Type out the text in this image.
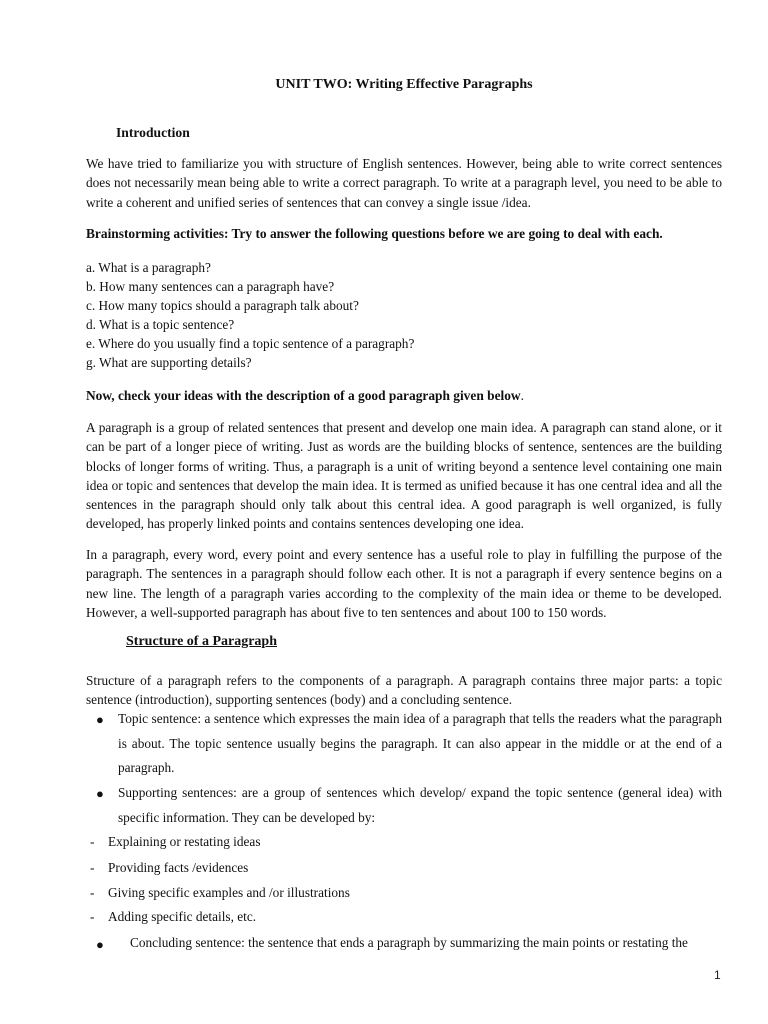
UNIT TWO: Writing Effective Paragraphs
Introduction

We have tried to familiarize you with structure of English sentences. However, being able to write correct sentences does not necessarily mean being able to write a correct paragraph. To write at a paragraph level, you need to be able to write a coherent and unified series of sentences that can convey a single issue /idea.

Brainstorming activities: Try to answer the following questions before we are going to deal with each.
a. What is a paragraph?
b. How many sentences can a paragraph have?
c. How many topics should a paragraph talk about?
d. What is a topic sentence?
e. Where do you usually find a topic sentence of a paragraph?
g. What are supporting details?
Now, check your ideas with the description of a good paragraph given below.

A paragraph is a group of related sentences that present and develop one main idea. A paragraph can stand alone, or it can be part of a longer piece of writing. Just as words are the building blocks of sentence, sentences are the building blocks of longer forms of writing. Thus, a paragraph is a unit of writing beyond a sentence level containing one main idea or topic and sentences that develop the main idea. It is termed as unified because it has one central idea and all the sentences in the paragraph should only talk about this central idea. A good paragraph is well organized, is fully developed, has properly linked points and contains sentences developing one idea.

In a paragraph, every word, every point and every sentence has a useful role to play in fulfilling the purpose of the paragraph. The sentences in a paragraph should follow each other. It is not a paragraph if every sentence begins on a new line. The length of a paragraph varies according to the complexity of the main idea or theme to be developed. However, a well-supported paragraph has about five to ten sentences and about 100 to 150 words.

Structure of a Paragraph

Structure of a paragraph refers to the components of a paragraph. A paragraph contains three major parts: a topic sentence (introduction), supporting sentences (body) and a concluding sentence.

● Topic sentence: a sentence which expresses the main idea of a paragraph that tells the readers what the paragraph is about. The topic sentence usually begins the paragraph. It can also appear in the middle or at the end of a paragraph.
● Supporting sentences: are a group of sentences which develop/ expand the topic sentence (general idea) with specific information. They can be developed by:
- Explaining or restating ideas
- Providing facts /evidences
- Giving specific examples and /or illustrations
- Adding specific details, etc.
● Concluding sentence: the sentence that ends a paragraph by summarizing the main points or restating the
1
